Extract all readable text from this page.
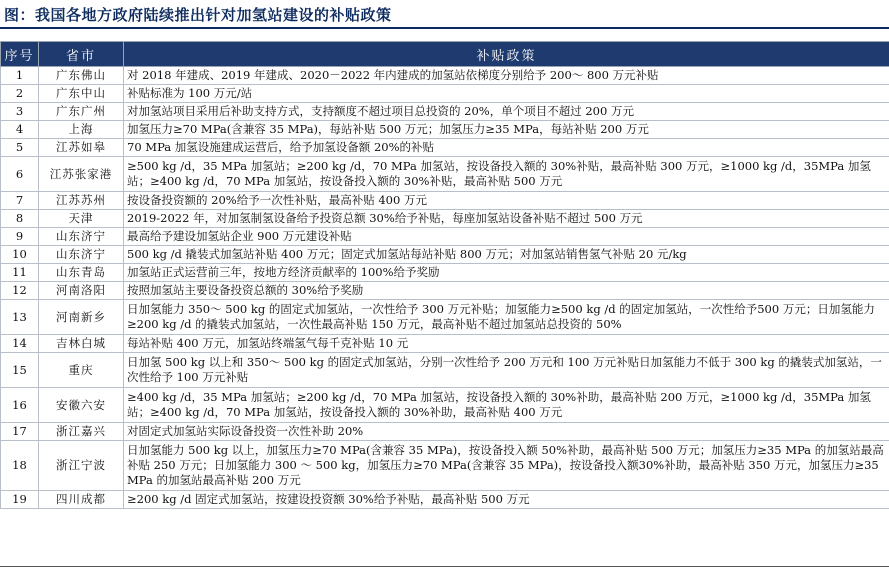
图：我国各地方政府陆续推出针对加氢站建设的补贴政策
序号	省市	补贴政策
1	广东佛山	对 2018 年建成、2019 年建成、2020－2022 年内建成的加氢站依梯度分别给予 200～ 800 万元补贴
2	广东中山	补贴标准为 100 万元/站
3	广东广州	对加氢站项目采用后补助支持方式，支持额度不超过项目总投资的 20%，单个项目不超过 200 万元
4	上海	加氢压力≥70 MPa(含兼容 35 MPa)，每站补贴 500 万元；加氢压力≥35 MPa，每站补贴 200 万元
5	江苏如皋	70 MPa 加氢设施建成运营后，给予加氢设备额 20%的补贴
6	江苏张家港	≥500 kg /d，35 MPa 加氢站；≥200 kg /d，70 MPa 加氢站，按设备投入额的 30%补贴，最高补贴 300 万元，≥1000 kg /d，35MPa 加氢站；≥400 kg /d，70 MPa 加氢站，按设备投入额的 30%补贴，最高补贴 500 万元
7	江苏苏州	按设备投资额的 20%给予一次性补贴，最高补贴 400 万元
8	天津	2019-2022 年，对加氢制氢设备给予投资总额 30%给予补贴，每座加氢站设备补贴不超过 500 万元
9	山东济宁	最高给予建设加氢站企业 900 万元建设补贴
10	山东济宁	500 kg /d 撬装式加氢站补贴 400 万元；固定式加氢站每站补贴 800 万元；对加氢站销售氢气补贴 20 元/kg
11	山东青岛	加氢站正式运营前三年，按地方经济贡献率的 100%给予奖励
12	河南洛阳	按照加氢站主要设备投资总额的 30%给予奖励
13	河南新乡	日加氢能力 350～ 500 kg 的固定式加氢站，一次性给予 300 万元补贴；加氢能力≥500 kg /d 的固定加氢站，一次性给予500 万元；日加氢能力≥200 kg /d 的撬装式加氢站，一次性最高补贴 150 万元，最高补贴不超过加氢站总投资的 50%
14	吉林白城	每站补贴 400 万元，加氢站终端氢气每千克补贴 10 元
15	重庆	日加氢 500 kg 以上和 350～ 500 kg 的固定式加氢站，分别一次性给予 200 万元和 100 万元补贴日加氢能力不低于 300 kg 的撬装式加氢站，一次性给予 100 万元补贴
16	安徽六安	≥400 kg /d，35 MPa 加氢站；≥200 kg /d，70 MPa 加氢站，按设备投入额的 30%补助，最高补贴 200 万元，≥1000 kg /d，35MPa 加氢站；≥400 kg /d，70 MPa 加氢站，按设备投入额的 30%补助，最高补贴 400 万元
17	浙江嘉兴	对固定式加氢站实际设备投资一次性补助 20%
18	浙江宁波	日加氢能力 500 kg 以上，加氢压力≥70 MPa(含兼容 35 MPa)，按设备投入额 50%补助，最高补贴 500 万元；加氢压力≥35 MPa 的加氢站最高补贴 250 万元；日加氢能力 300 ～ 500 kg，加氢压力≥70 MPa(含兼容 35 MPa)，按设备投入额30%补助，最高补贴 350 万元，加氢压力≥35 MPa 的加氢站最高补贴 200 万元
19	四川成都	≥200 kg /d 固定式加氢站，按建设投资额 30%给予补贴，最高补贴 500 万元
